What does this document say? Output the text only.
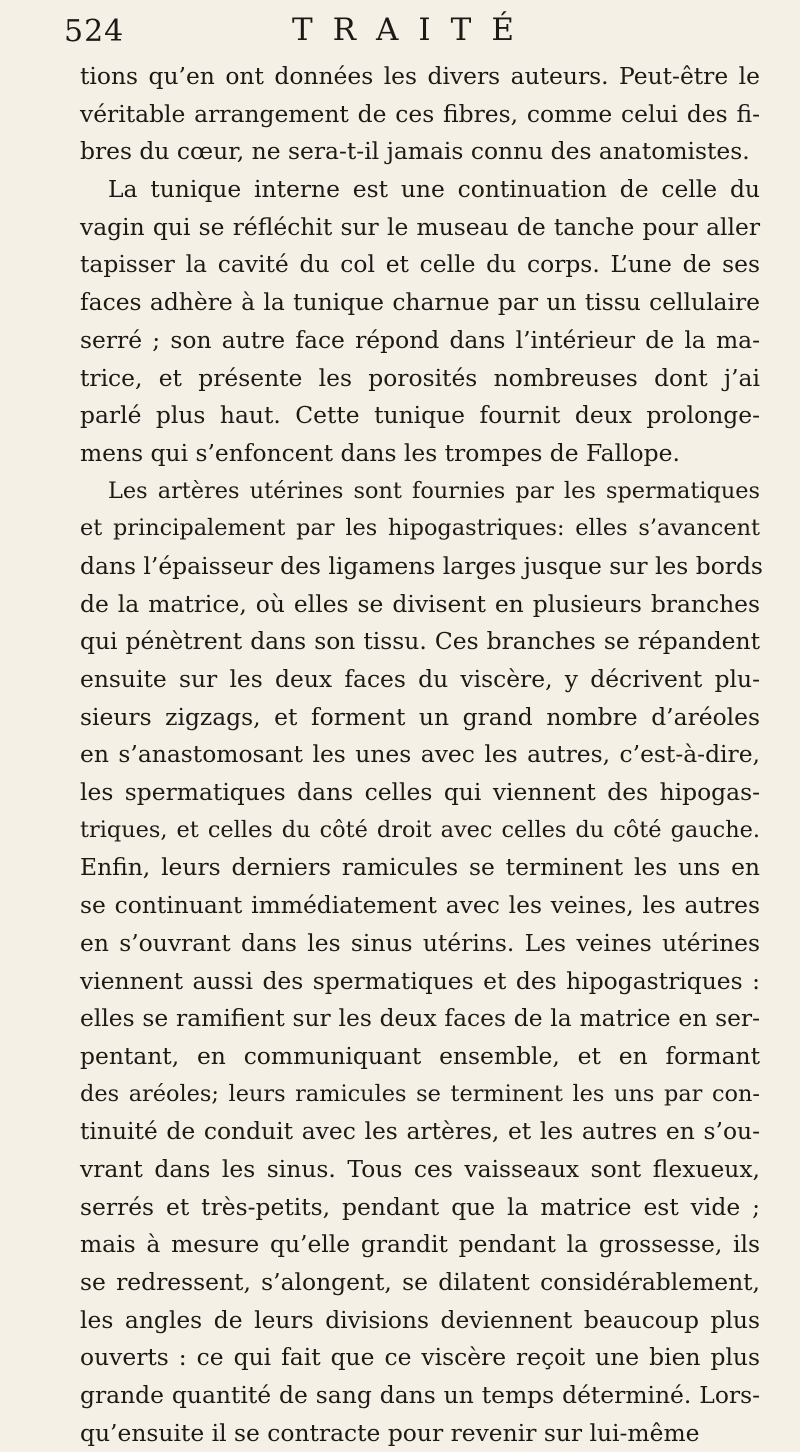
524	TRAITÉ
tions qu’en ont données les divers auteurs. Peut-être le
véritable arrangement de ces fibres, comme celui des fi-
bres du cœur, ne sera-t-il jamais connu des anatomistes.
La tunique interne est une continuation de celle du
vagin qui se réfléchit sur le museau de tanche pour aller
tapisser la cavité du col et celle du corps. L’une de ses
faces adhère à la tunique charnue par un tissu cellulaire
serré ; son autre face répond dans l’intérieur de la ma-
trice, et présente les porosités nombreuses dont j’ai
parlé plus haut. Cette tunique fournit deux prolonge-
mens qui s’enfoncent dans les trompes de Fallope.
Les artères utérines sont fournies par les spermatiques
et principalement par les hipogastriques: elles s’avancent
dans l’épaisseur des ligamens larges jusque sur les bords
de la matrice, où elles se divisent en plusieurs branches
qui pénètrent dans son tissu. Ces branches se répandent
ensuite sur les deux faces du viscère, y décrivent plu-
sieurs zigzags, et forment un grand nombre d’aréoles
en s’anastomosant les unes avec les autres, c’est-à-dire,
les spermatiques dans celles qui viennent des hipogas-
triques, et celles du côté droit avec celles du côté gauche.
Enfin, leurs derniers ramicules se terminent les uns en
se continuant immédiatement avec les veines, les autres
en s’ouvrant dans les sinus utérins. Les veines utérines
viennent aussi des spermatiques et des hipogastriques :
elles se ramifient sur les deux faces de la matrice en ser-
pentant, en communiquant ensemble, et en formant
des aréoles; leurs ramicules se terminent les uns par con-
tinuité de conduit avec les artères, et les autres en s’ou-
vrant dans les sinus. Tous ces vaisseaux sont flexueux,
serrés et très-petits, pendant que la matrice est vide ;
mais à mesure qu’elle grandit pendant la grossesse, ils
se redressent, s’alongent, se dilatent considérablement,
les angles de leurs divisions deviennent beaucoup plus
ouverts : ce qui fait que ce viscère reçoit une bien plus
grande quantité de sang dans un temps déterminé. Lors-
qu’ensuite il se contracte pour revenir sur lui-même
